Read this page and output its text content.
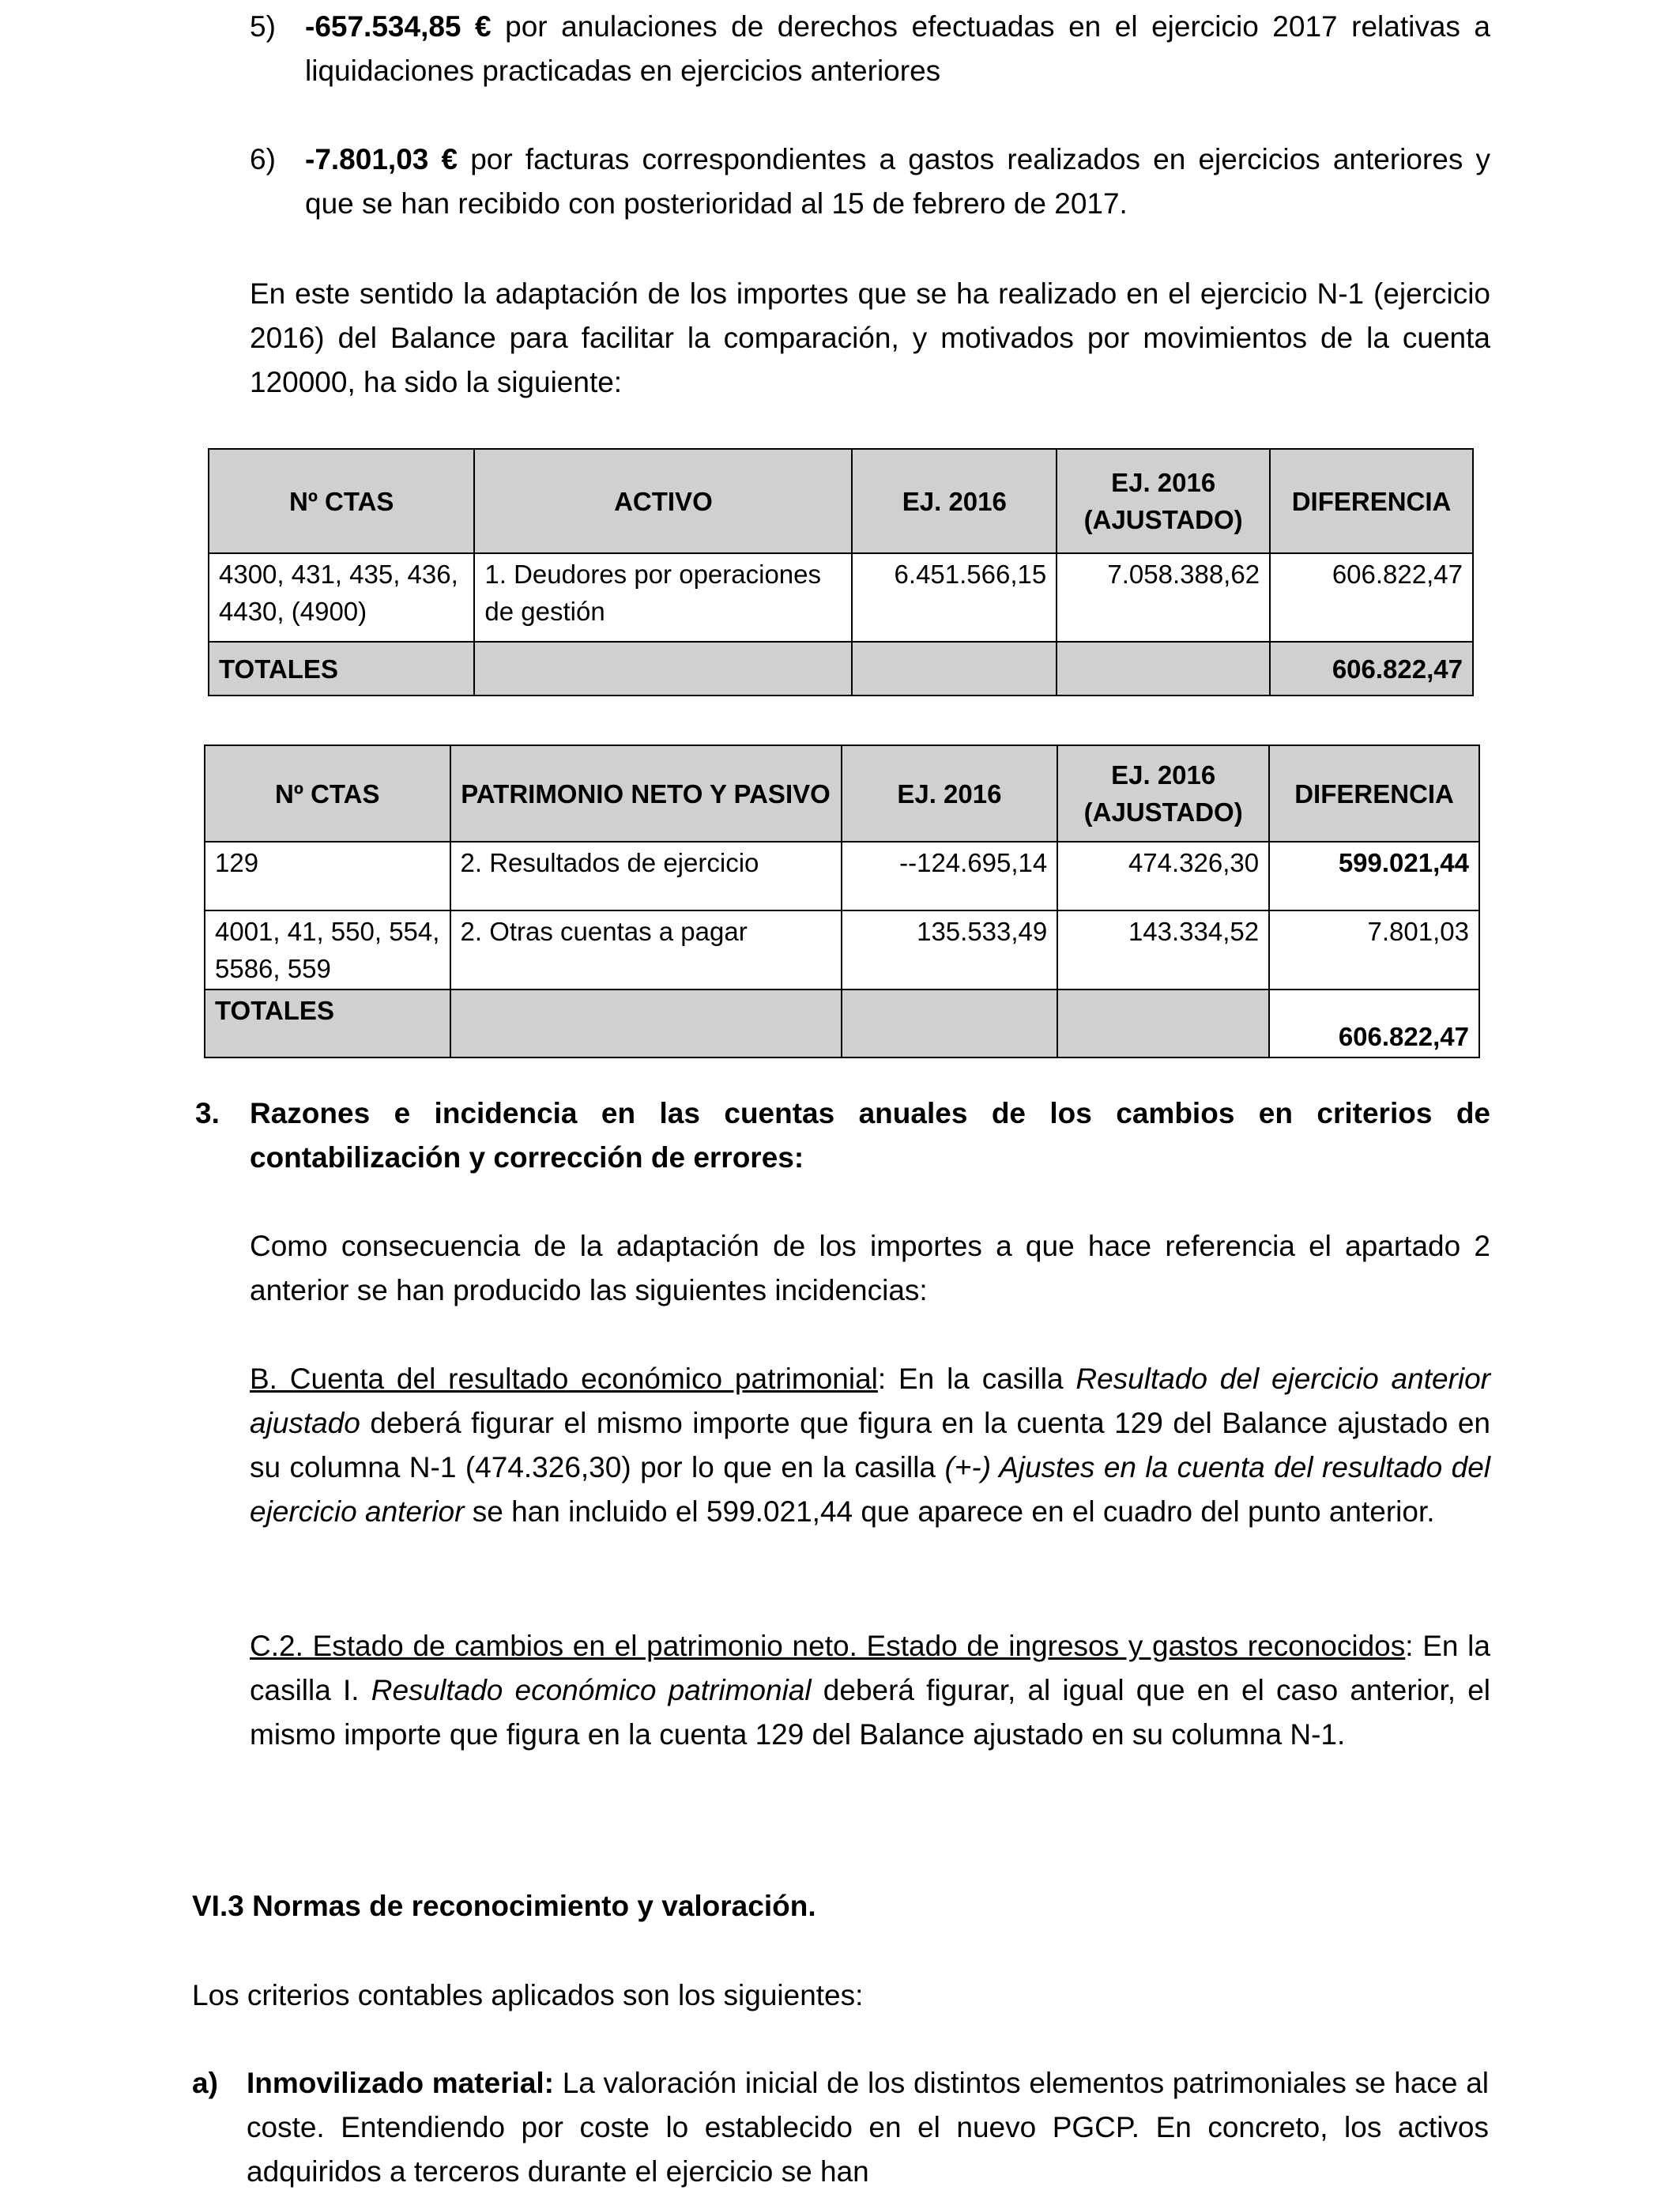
5) -657.534,85 € por anulaciones de derechos efectuadas en el ejercicio 2017 relativas a liquidaciones practicadas en ejercicios anteriores
6) -7.801,03 € por facturas correspondientes a gastos realizados en ejercicios anteriores y que se han recibido con posterioridad al 15 de febrero de 2017.
En este sentido la adaptación de los importes que se ha realizado en el ejercicio N-1 (ejercicio 2016) del Balance para facilitar la comparación, y motivados por movimientos de la cuenta 120000, ha sido la siguiente:
Nº CTAS	ACTIVO	EJ. 2016	EJ. 2016 (AJUSTADO)	DIFERENCIA
4300, 431, 435, 436, 4430, (4900)	1. Deudores por operaciones de gestión	6.451.566,15	7.058.388,62	606.822,47
TOTALES				606.822,47
Nº CTAS	PATRIMONIO NETO Y PASIVO	EJ. 2016	EJ. 2016 (AJUSTADO)	DIFERENCIA
129	2. Resultados de ejercicio	--124.695,14	474.326,30	599.021,44
4001, 41, 550, 554, 5586, 559	2. Otras cuentas a pagar	135.533,49	143.334,52	7.801,03
TOTALES				606.822,47
3. Razones e incidencia en las cuentas anuales de los cambios en criterios de contabilización y corrección de errores:
Como consecuencia de la adaptación de los importes a que hace referencia el apartado 2 anterior se han producido las siguientes incidencias:
B. Cuenta del resultado económico patrimonial: En la casilla Resultado del ejercicio anterior ajustado deberá figurar el mismo importe que figura en la cuenta 129 del Balance ajustado en su columna N-1 (474.326,30) por lo que en la casilla (+-) Ajustes en la cuenta del resultado del ejercicio anterior se han incluido el 599.021,44 que aparece en el cuadro del punto anterior.
C.2. Estado de cambios en el patrimonio neto. Estado de ingresos y gastos reconocidos: En la casilla I. Resultado económico patrimonial deberá figurar, al igual que en el caso anterior, el mismo importe que figura en la cuenta 129 del Balance ajustado en su columna N-1.
VI.3 Normas de reconocimiento y valoración.
Los criterios contables aplicados son los siguientes:
a) Inmovilizado material: La valoración inicial de los distintos elementos patrimoniales se hace al coste. Entendiendo por coste lo establecido en el nuevo PGCP. En concreto, los activos adquiridos a terceros durante el ejercicio se han
